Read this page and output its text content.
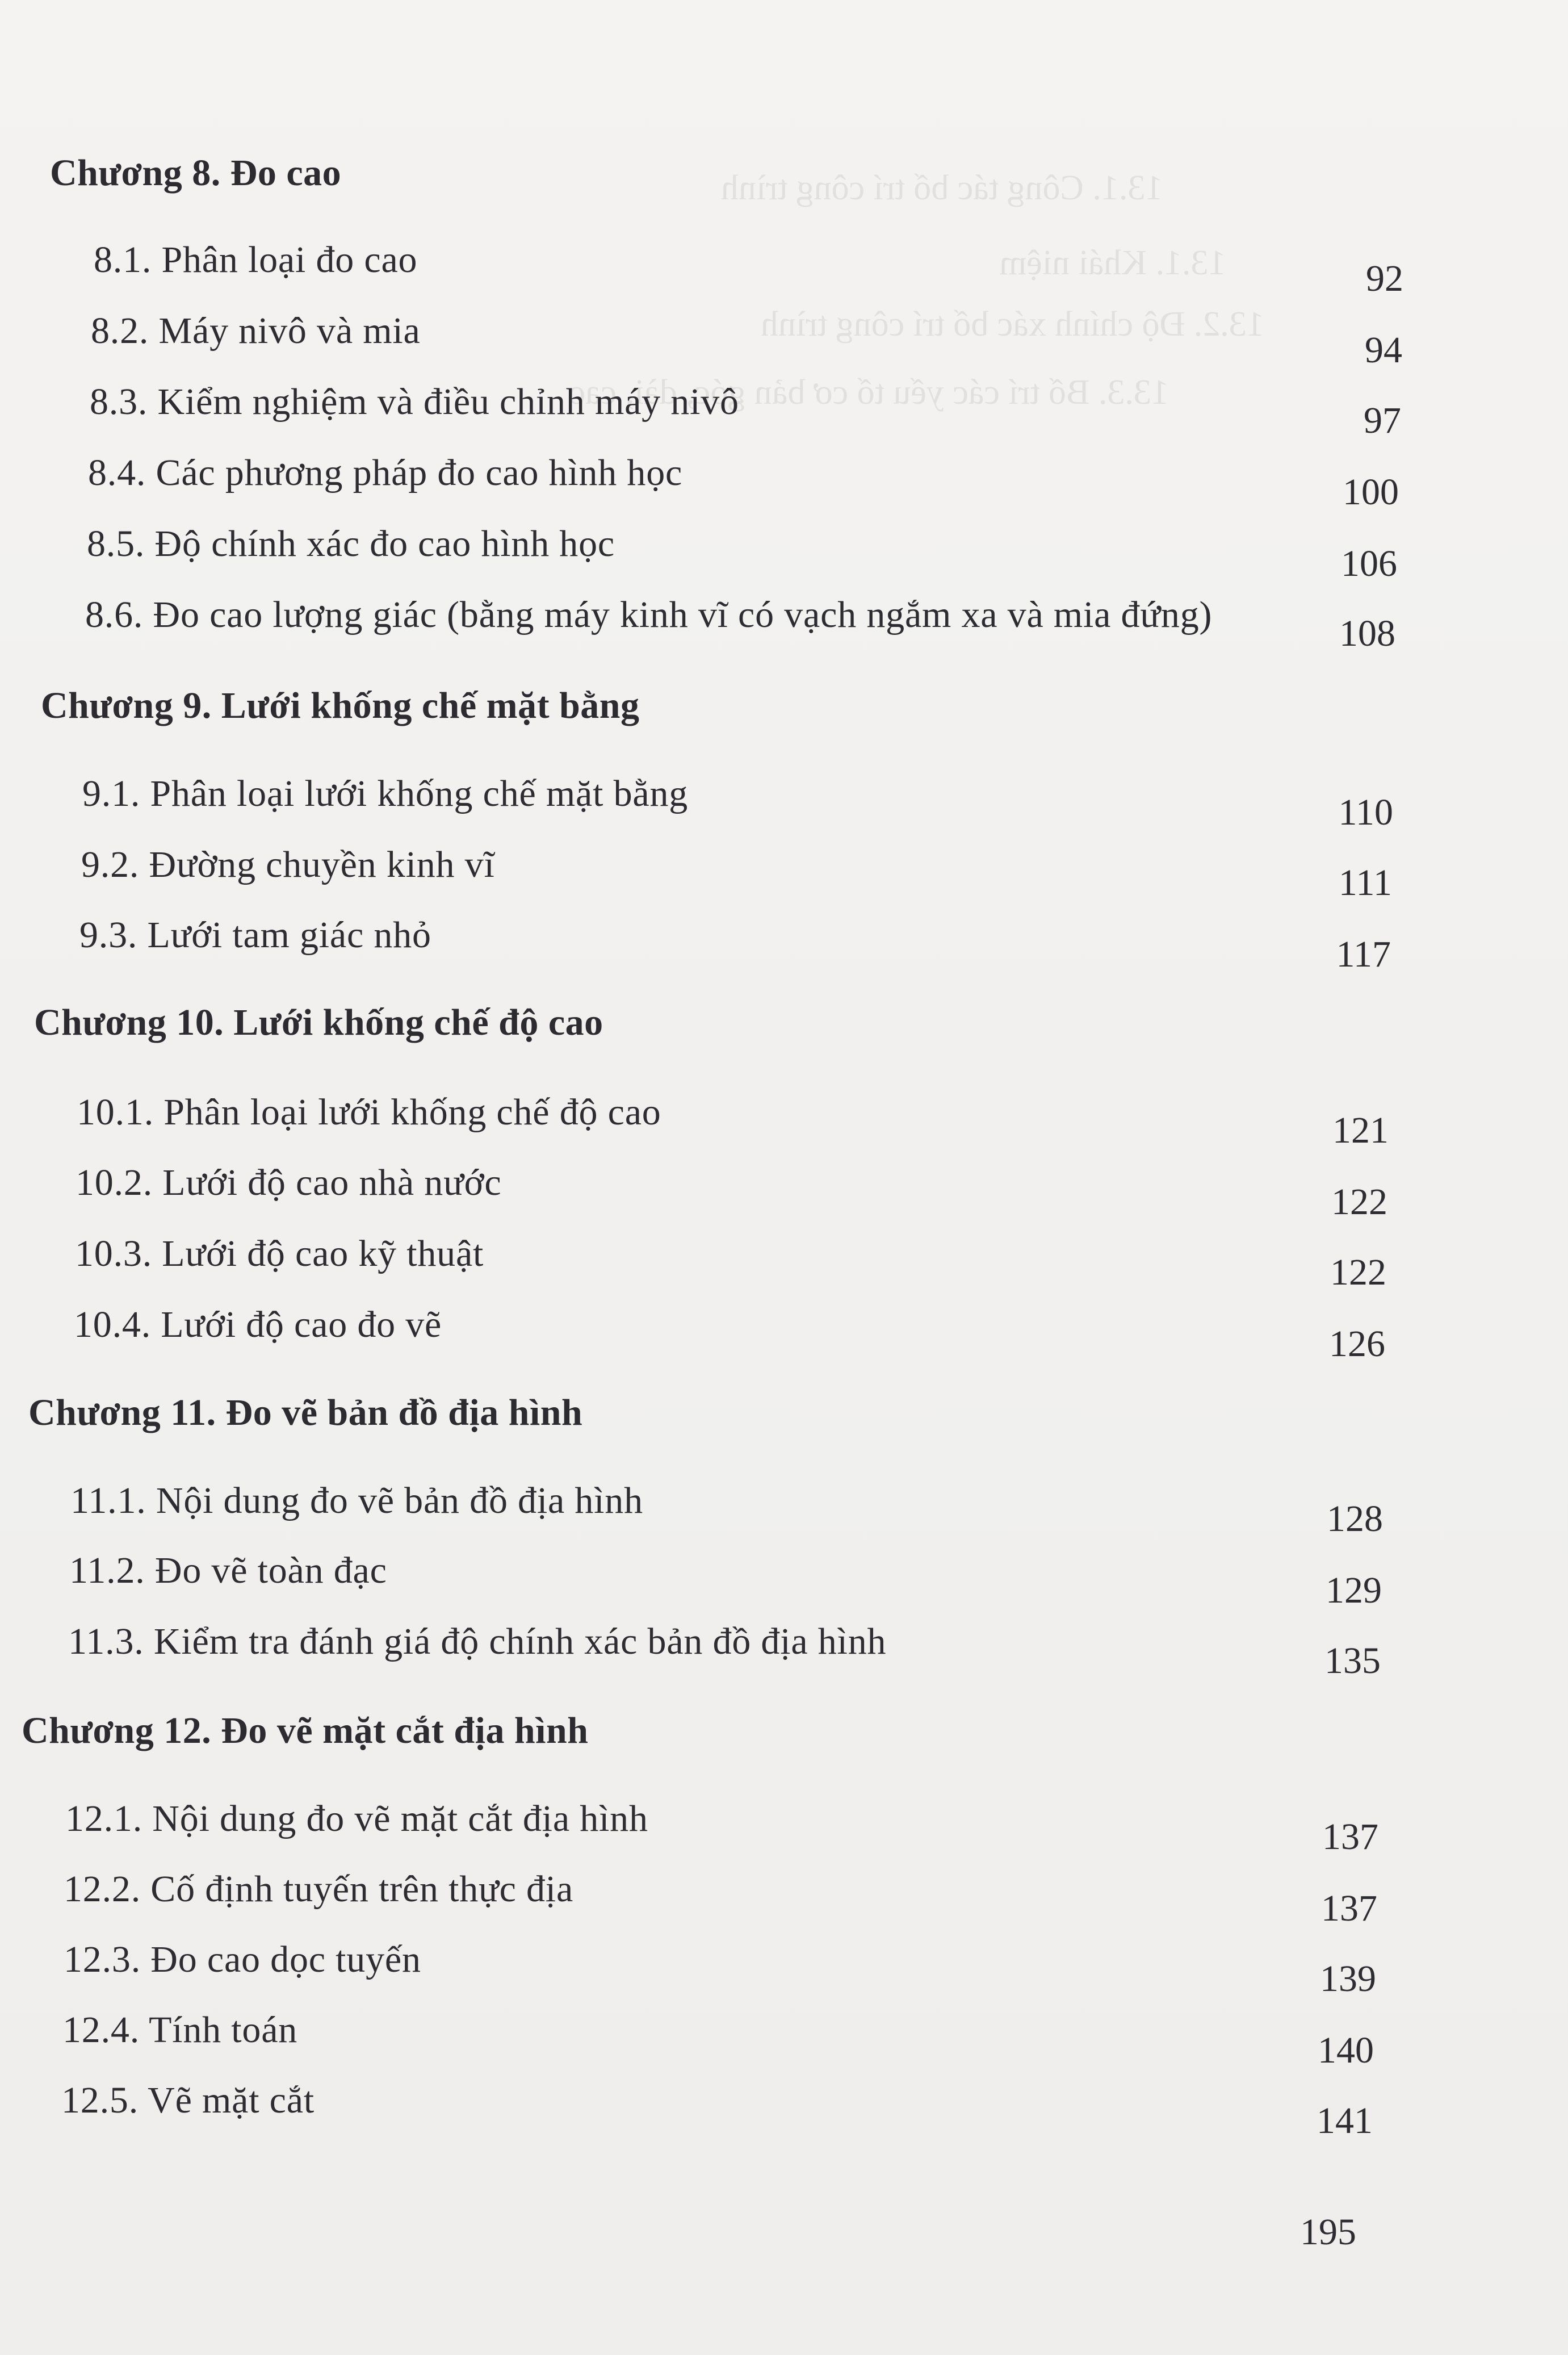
13.1. Công tác bố trí công trình
13.1. Khái niệm
13.2. Độ chính xác bố trí công trình
13.3. Bố trí các yếu tố cơ bản góc, dài, cao
Chương 8. Đo cao
8.1. Phân loại đo cao	92
8.2. Máy nivô và mia	94
8.3. Kiểm nghiệm và điều chỉnh máy nivô	97
8.4. Các phương pháp đo cao hình học	100
8.5. Độ chính xác đo cao hình học	106
8.6. Đo cao lượng giác (bằng máy kinh vĩ có vạch ngắm xa và mia đứng)	108
Chương 9. Lưới khống chế mặt bằng
9.1. Phân loại lưới khống chế mặt bằng	110
9.2. Đường chuyền kinh vĩ	111
9.3. Lưới tam giác nhỏ	117
Chương 10. Lưới khống chế độ cao
10.1. Phân loại lưới khống chế độ cao	121
10.2. Lưới độ cao nhà nước	122
10.3. Lưới độ cao kỹ thuật	122
10.4. Lưới độ cao đo vẽ	126
Chương 11. Đo vẽ bản đồ địa hình
11.1. Nội dung đo vẽ bản đồ địa hình	128
11.2. Đo vẽ toàn đạc	129
11.3. Kiểm tra đánh giá độ chính xác bản đồ địa hình	135
Chương 12. Đo vẽ mặt cắt địa hình
12.1. Nội dung đo vẽ mặt cắt địa hình	137
12.2. Cố định tuyến trên thực địa	137
12.3. Đo cao dọc tuyến	139
12.4. Tính toán	140
12.5. Vẽ mặt cắt	141
195
